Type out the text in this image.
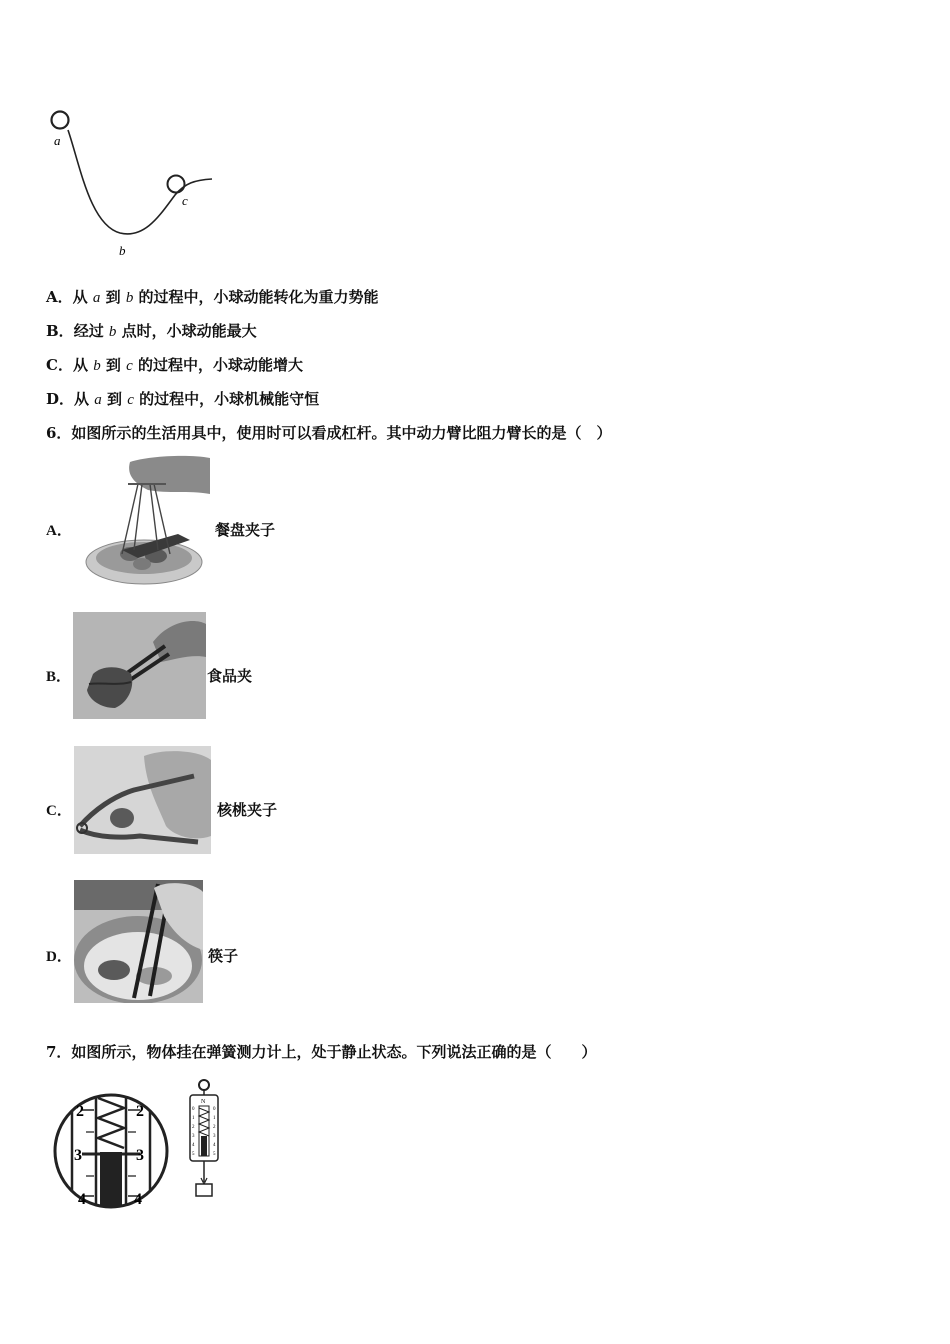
a
b
c
A．从 a 到 b 的过程中，小球动能转化为重力势能
B．经过 b 点时，小球动能最大
C．从 b 到 c 的过程中，小球动能增大
D．从 a 到 c 的过程中，小球机械能守恒
6．如图所示的生活用具中，使用时可以看成杠杆。其中动力臂比阻力臂长的是（　）
A．	餐盘夹子
B．	食品夹
C．	核桃夹子
D．	筷子
7．如图所示，物体挂在弹簧测力计上，处于静止状态。下列说法正确的是（　　）
2	2
3	3
4	4
N
0
1
2
3
4
5
0
1
2
3
4
5
